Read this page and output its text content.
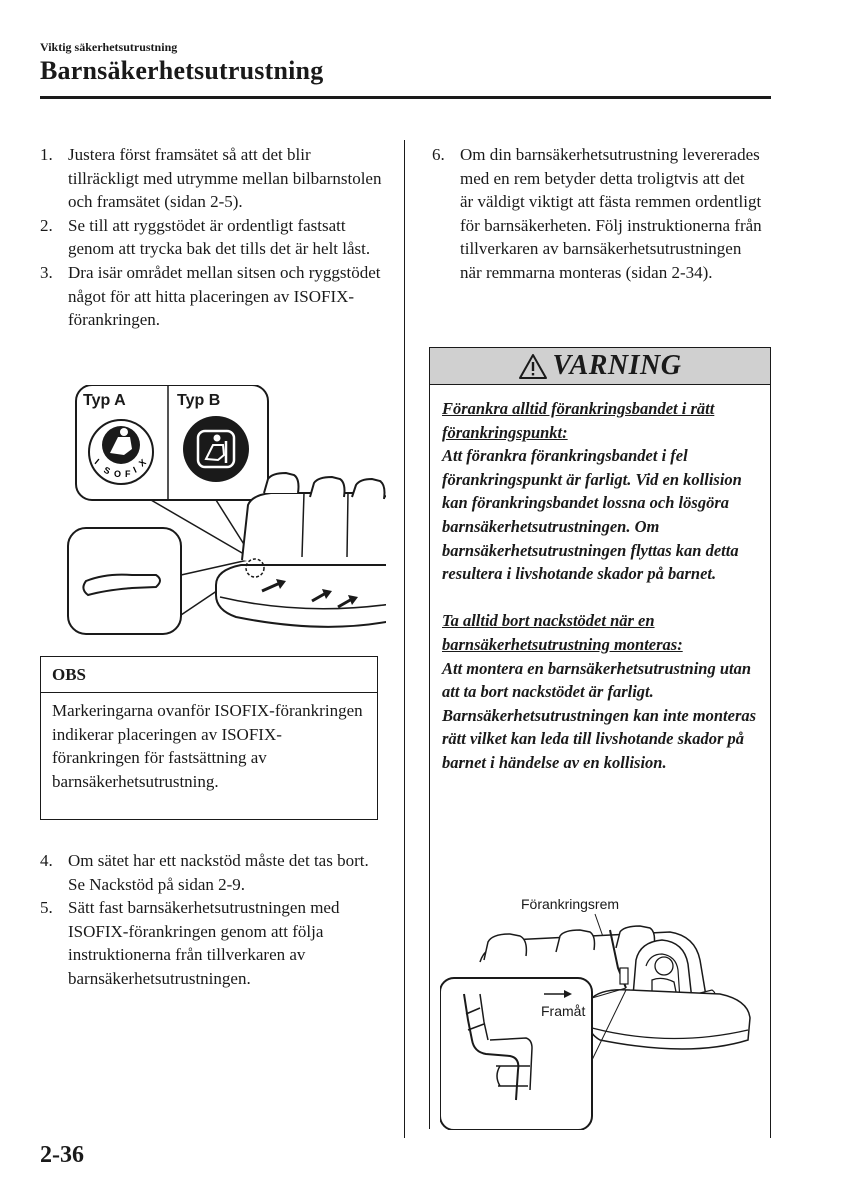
Viktig säkerhetsutrustning
Barnsäkerhetsutrustning
1. Justera först framsätet så att det blir tillräckligt med utrymme mellan bilbarnstolen och framsätet (sidan 2-5).
2. Se till att ryggstödet är ordentligt fastsatt genom att trycka bak det tills det är helt låst.
3. Dra isär området mellan sitsen och ryggstödet något för att hitta placeringen av ISOFIX-förankringen.
Typ A	Typ B
I
S O F I
X
OBS
Markeringarna ovanför ISOFIX-förankringen indikerar placeringen av ISOFIX-förankringen för fastsättning av barnsäkerhetsutrustning.
4. Om sätet har ett nackstöd måste det tas bort.
Se Nackstöd på sidan 2-9.
5. Sätt fast barnsäkerhetsutrustningen med ISOFIX-förankringen genom att följa instruktionerna från tillverkaren av barnsäkerhetsutrustningen.
6. Om din barnsäkerhetsutrustning levererades med en rem betyder detta troligtvis att det är väldigt viktigt att fästa remmen ordentligt för barnsäkerheten. Följ instruktionerna från tillverkaren av barnsäkerhetsutrustningen när remmarna monteras (sidan 2-34).
VARNING

Förankra alltid förankringsbandet i rätt förankringspunkt:

Att förankra förankringsbandet i fel förankringspunkt är farligt. Vid en kollision kan förankringsbandet lossna och lösgöra barnsäkerhetsutrustningen. Om barnsäkerhetsutrustningen flyttas kan detta resultera i livshotande skador på barnet.

Ta alltid bort nackstödet när en barnsäkerhetsutrustning monteras:

Att montera en barnsäkerhetsutrustning utan att ta bort nackstödet är farligt. Barnsäkerhetsutrustningen kan inte monteras rätt vilket kan leda till livshotande skador på barnet i händelse av en kollision.

Förankringsrem
Framåt
2-36
